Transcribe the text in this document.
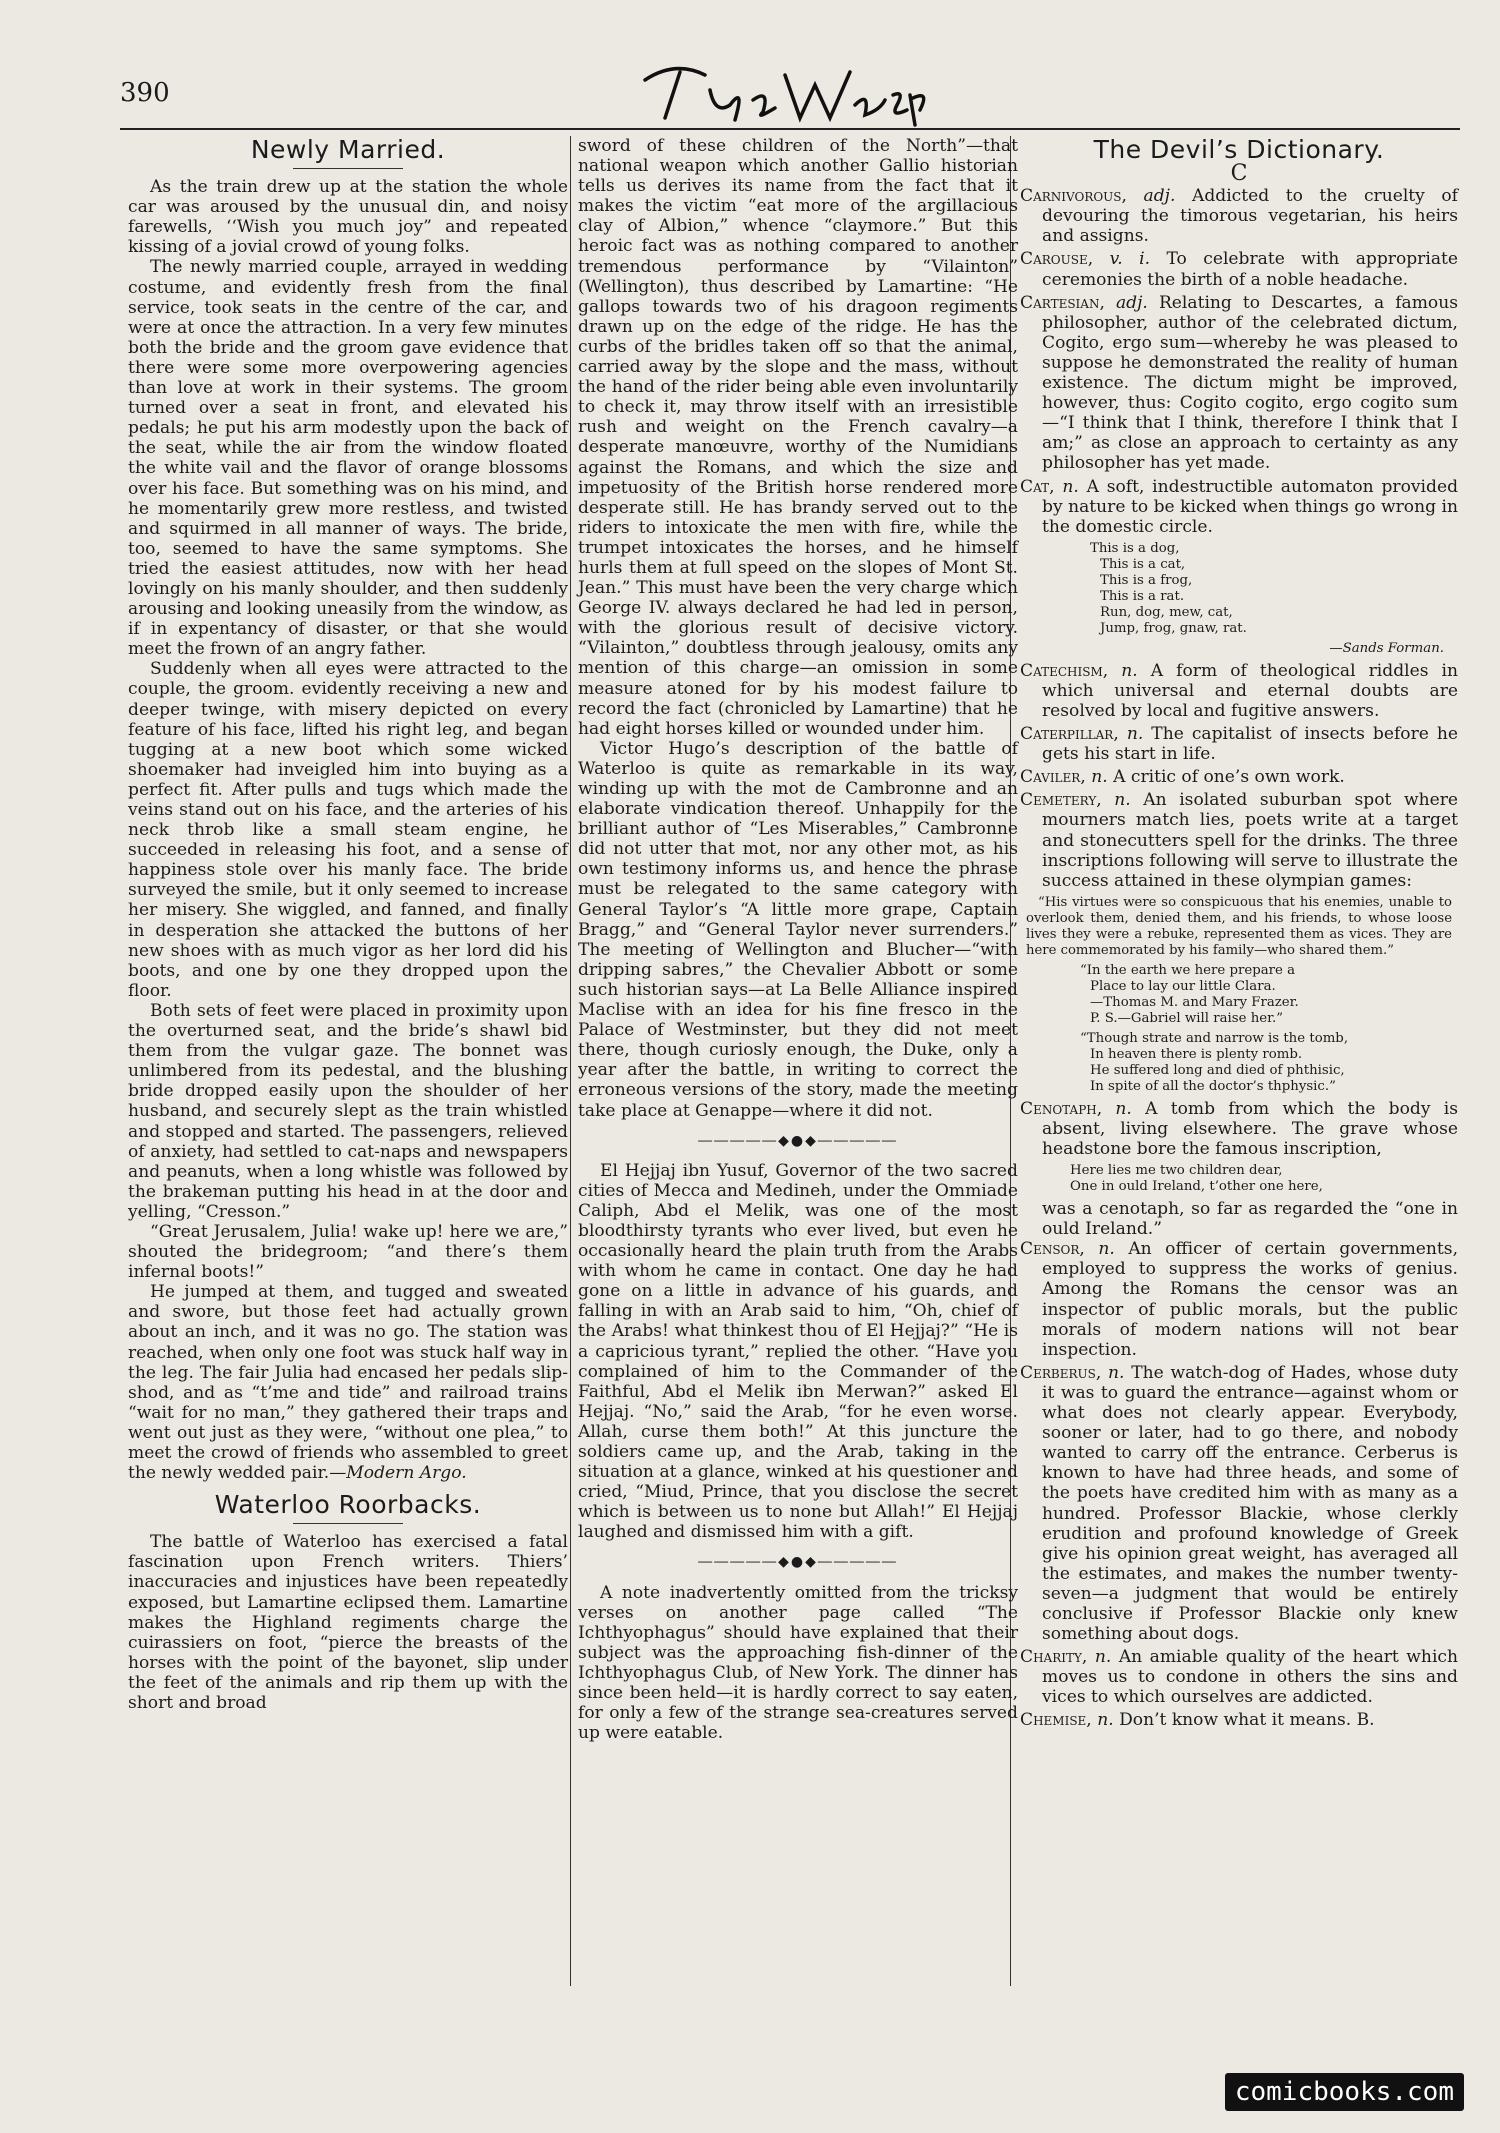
390
Newly Married.

As the train drew up at the station the whole car was aroused by the unusual din, and noisy farewells, ‘‘Wish you much joy” and repeated kissing of a jovial crowd of young folks.

The newly married couple, arrayed in wedding costume, and evidently fresh from the final service, took seats in the centre of the car, and were at once the attraction. In a very few minutes both the bride and the groom gave evidence that there were some more overpowering agencies than love at work in their systems. The groom turned over a seat in front, and elevated his pedals; he put his arm modestly upon the back of the seat, while the air from the window floated the white vail and the flavor of orange blossoms over his face. But something was on his mind, and he momentarily grew more restless, and twisted and squirmed in all manner of ways. The bride, too, seemed to have the same symptoms. She tried the easiest attitudes, now with her head lovingly on his manly shoulder, and then suddenly arousing and looking uneasily from the window, as if in expentancy of disaster, or that she would meet the frown of an angry father.

Suddenly when all eyes were attracted to the couple, the groom. evidently receiving a new and deeper twinge, with misery depicted on every feature of his face, lifted his right leg, and began tugging at a new boot which some wicked shoemaker had inveigled him into buying as a perfect fit. After pulls and tugs which made the veins stand out on his face, and the arteries of his neck throb like a small steam engine, he succeeded in releasing his foot, and a sense of happiness stole over his manly face. The bride surveyed the smile, but it only seemed to increase her misery. She wiggled, and fanned, and finally in desperation she attacked the buttons of her new shoes with as much vigor as her lord did his boots, and one by one they dropped upon the floor.

Both sets of feet were placed in proximity upon the overturned seat, and the bride’s shawl bid them from the vulgar gaze. The bonnet was unlimbered from its pedestal, and the blushing bride dropped easily upon the shoulder of her husband, and securely slept as the train whistled and stopped and started. The passengers, relieved of anxiety, had settled to cat-naps and newspapers and peanuts, when a long whistle was followed by the brakeman putting his head in at the door and yelling, “Cresson.”

“Great Jerusalem, Julia! wake up! here we are,” shouted the bridegroom; “and there’s them infernal boots!”

He jumped at them, and tugged and sweated and swore, but those feet had actually grown about an inch, and it was no go. The station was reached, when only one foot was stuck half way in the leg. The fair Julia had encased her pedals slip-shod, and as “t’me and tide” and railroad trains “wait for no man,” they gathered their traps and went out just as they were, “without one plea,” to meet the crowd of friends who assembled to greet the newly wedded pair.—Modern Argo.

Waterloo Roorbacks.

The battle of Waterloo has exercised a fatal fascination upon French writers. Thiers’ inaccuracies and injustices have been repeatedly exposed, but Lamartine eclipsed them. Lamartine makes the Highland regiments charge the cuirassiers on foot, “pierce the breasts of the horses with the point of the bayonet, slip under the feet of the animals and rip them up with the short and broad

sword of these children of the North”—that national weapon which another Gallio historian tells us derives its name from the fact that it makes the victim “eat more of the argillacious clay of Albion,” whence “claymore.” But this heroic fact was as nothing compared to another tremendous performance by “Vilainton” (Wellington), thus described by Lamartine: “He gallops towards two of his dragoon regiments drawn up on the edge of the ridge. He has the curbs of the bridles taken off so that the animal, carried away by the slope and the mass, without the hand of the rider being able even involuntarily to check it, may throw itself with an irresistible rush and weight on the French cavalry—a desperate manœuvre, worthy of the Numidians against the Romans, and which the size and impetuosity of the British horse rendered more desperate still. He has brandy served out to the riders to intoxicate the men with fire, while the trumpet intoxicates the horses, and he himself hurls them at full speed on the slopes of Mont St. Jean.” This must have been the very charge which George IV. always declared he had led in person, with the glorious result of decisive victory. “Vilainton,” doubtless through jealousy, omits any mention of this charge—an omission in some measure atoned for by his modest failure to record the fact (chronicled by Lamartine) that he had eight horses killed or wounded under him.

Victor Hugo’s description of the battle of Waterloo is quite as remarkable in its way, winding up with the mot de Cambronne and an elaborate vindication thereof. Unhappily for the brilliant author of “Les Miserables,” Cambronne did not utter that mot, nor any other mot, as his own testimony informs us, and hence the phrase must be relegated to the same category with General Taylor’s “A little more grape, Captain Bragg,” and “General Taylor never surrenders.” The meeting of Wellington and Blucher—“with dripping sabres,” the Chevalier Abbott or some such historian says—at La Belle Alliance inspired Maclise with an idea for his fine fresco in the Palace of Westminster, but they did not meet there, though curiosly enough, the Duke, only a year after the battle, in writing to correct the erroneous versions of the story, made the meeting take place at Genappe—where it did not.

―――――◆●◆―――――

El Hejjaj ibn Yusuf, Governor of the two sacred cities of Mecca and Medineh, under the Ommiade Caliph, Abd el Melik, was one of the most bloodthirsty tyrants who ever lived, but even he occasionally heard the plain truth from the Arabs with whom he came in contact. One day he had gone on a little in advance of his guards, and falling in with an Arab said to him, “Oh, chief of the Arabs! what thinkest thou of El Hejjaj?” “He is a capricious tyrant,” replied the other. “Have you complained of him to the Commander of the Faithful, Abd el Melik ibn Merwan?” asked El Hejjaj. “No,” said the Arab, “for he even worse. Allah, curse them both!” At this juncture the soldiers came up, and the Arab, taking in the situation at a glance, winked at his questioner and cried, “Miud, Prince, that you disclose the secret which is between us to none but Allah!” El Hejjaj laughed and dismissed him with a gift.

―――――◆●◆―――――

A note inadvertently omitted from the tricksy verses on another page called “The Ichthyophagus” should have explained that their subject was the approaching fish-dinner of the Ichthyophagus Club, of New York. The dinner has since been held—it is hardly correct to say eaten, for only a few of the strange sea-creatures served up were eatable.

The Devil’s Dictionary.
C
Carnivorous, adj. Addicted to the cruelty of devouring the timorous vegetarian, his heirs and assigns.
Carouse, v. i. To celebrate with appropriate ceremonies the birth of a noble headache.
Cartesian, adj. Relating to Descartes, a famous philosopher, author of the celebrated dictum, Cogito, ergo sum—whereby he was pleased to suppose he demonstrated the reality of human existence. The dictum might be improved, however, thus: Cogito cogito, ergo cogito sum—“I think that I think, therefore I think that I am;” as close an approach to certainty as any philosopher has yet made.
Cat, n. A soft, indestructible automaton provided by nature to be kicked when things go wrong in the domestic circle.
This is a dog,
This is a cat,
This is a frog,
This is a rat.
Run, dog, mew, cat,
Jump, frog, gnaw, rat.
—Sands Forman.
Catechism, n. A form of theological riddles in which universal and eternal doubts are resolved by local and fugitive answers.
Caterpillar, n. The capitalist of insects before he gets his start in life.
Caviler, n. A critic of one’s own work.
Cemetery, n. An isolated suburban spot where mourners match lies, poets write at a target and stonecutters spell for the drinks. The three inscriptions following will serve to illustrate the success attained in these olympian games:

“His virtues were so conspicuous that his enemies, unable to overlook them, denied them, and his friends, to whose loose lives they were a rebuke, represented them as vices. They are here commemorated by his family—who shared them.”

“In the earth we here prepare a
Place to lay our little Clara.
—Thomas M. and Mary Frazer.
P. S.—Gabriel will raise her.”
“Though strate and narrow is the tomb,
In heaven there is plenty romb.
He suffered long and died of phthisic,
In spite of all the doctor’s thphysic.”
Cenotaph, n. A tomb from which the body is absent, living elsewhere. The grave whose headstone bore the famous inscription,
Here lies me two children dear,
One in ould Ireland, t’other one here,

was a cenotaph, so far as regarded the “one in ould Ireland.”

Censor, n. An officer of certain governments, employed to suppress the works of genius. Among the Romans the censor was an inspector of public morals, but the public morals of modern nations will not bear inspection.
Cerberus, n. The watch-dog of Hades, whose duty it was to guard the entrance—against whom or what does not clearly appear. Everybody, sooner or later, had to go there, and nobody wanted to carry off the entrance. Cerberus is known to have had three heads, and some of the poets have credited him with as many as a hundred. Professor Blackie, whose clerkly erudition and profound knowledge of Greek give his opinion great weight, has averaged all the estimates, and makes the number twenty-seven—a judgment that would be entirely conclusive if Professor Blackie only knew something about dogs.
Charity, n. An amiable quality of the heart which moves us to condone in others the sins and vices to which ourselves are addicted.
Chemise, n. Don’t know what it means. B.
comicbooks.com
